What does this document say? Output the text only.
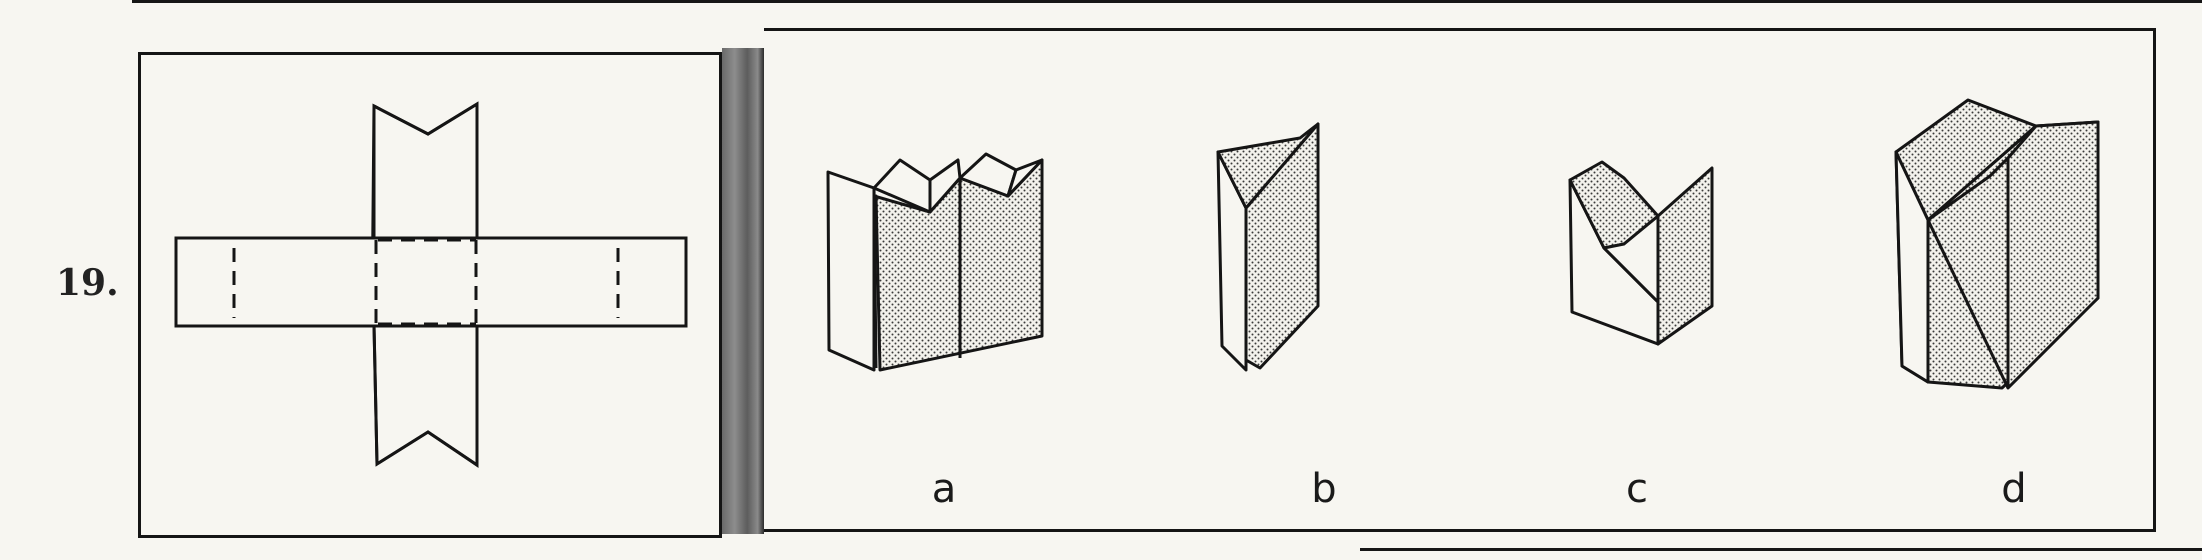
19.
a	b	c	d
